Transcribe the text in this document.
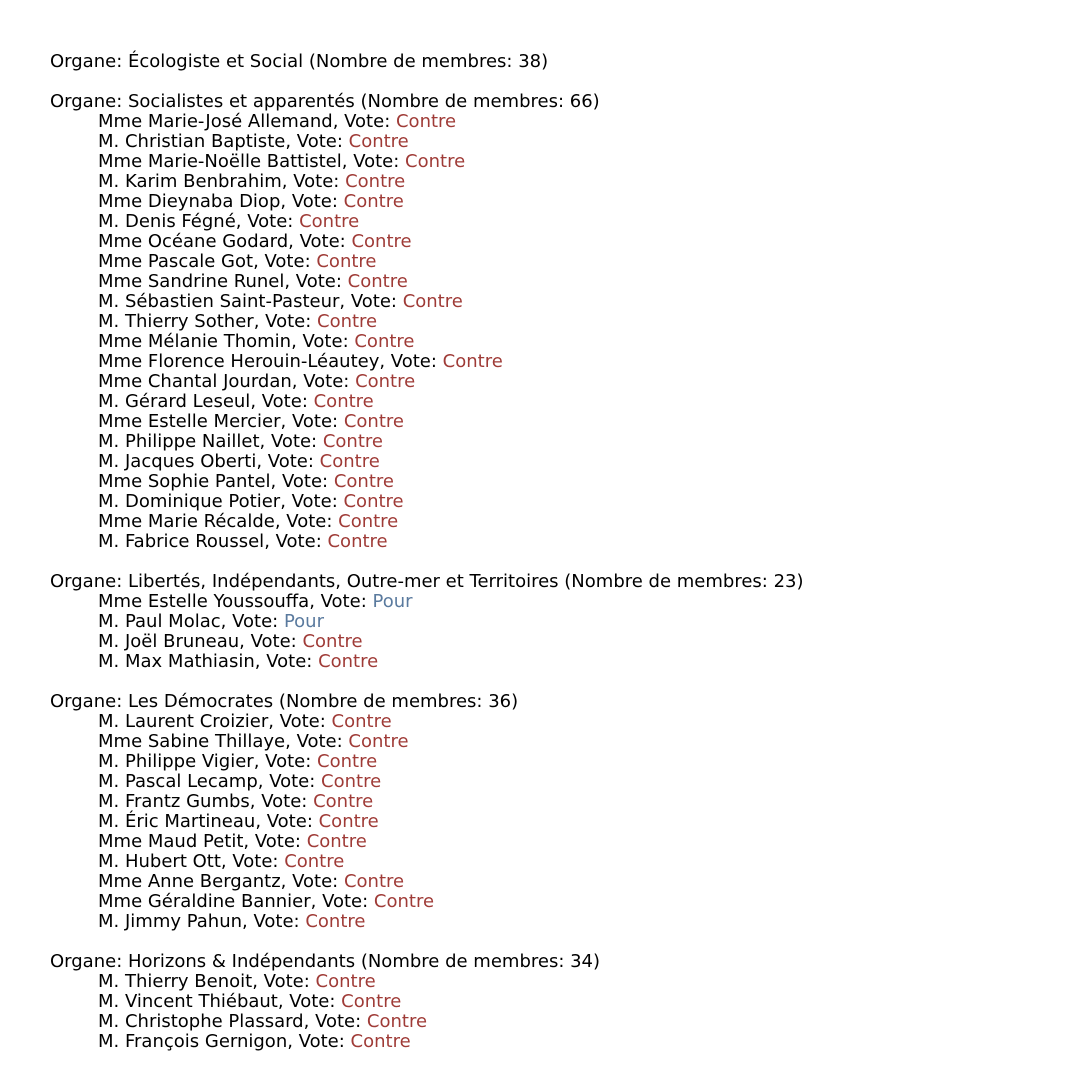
Organe: Écologiste et Social (Nombre de membres: 38)
Organe: Socialistes et apparentés (Nombre de membres: 66)
Mme Marie-José Allemand, Vote: Contre
M. Christian Baptiste, Vote: Contre
Mme Marie-Noëlle Battistel, Vote: Contre
M. Karim Benbrahim, Vote: Contre
Mme Dieynaba Diop, Vote: Contre
M. Denis Fégné, Vote: Contre
Mme Océane Godard, Vote: Contre
Mme Pascale Got, Vote: Contre
Mme Sandrine Runel, Vote: Contre
M. Sébastien Saint-Pasteur, Vote: Contre
M. Thierry Sother, Vote: Contre
Mme Mélanie Thomin, Vote: Contre
Mme Florence Herouin-Léautey, Vote: Contre
Mme Chantal Jourdan, Vote: Contre
M. Gérard Leseul, Vote: Contre
Mme Estelle Mercier, Vote: Contre
M. Philippe Naillet, Vote: Contre
M. Jacques Oberti, Vote: Contre
Mme Sophie Pantel, Vote: Contre
M. Dominique Potier, Vote: Contre
Mme Marie Récalde, Vote: Contre
M. Fabrice Roussel, Vote: Contre
Organe: Libertés, Indépendants, Outre-mer et Territoires (Nombre de membres: 23)
Mme Estelle Youssouffa, Vote: Pour
M. Paul Molac, Vote: Pour
M. Joël Bruneau, Vote: Contre
M. Max Mathiasin, Vote: Contre
Organe: Les Démocrates (Nombre de membres: 36)
M. Laurent Croizier, Vote: Contre
Mme Sabine Thillaye, Vote: Contre
M. Philippe Vigier, Vote: Contre
M. Pascal Lecamp, Vote: Contre
M. Frantz Gumbs, Vote: Contre
M. Éric Martineau, Vote: Contre
Mme Maud Petit, Vote: Contre
M. Hubert Ott, Vote: Contre
Mme Anne Bergantz, Vote: Contre
Mme Géraldine Bannier, Vote: Contre
M. Jimmy Pahun, Vote: Contre
Organe: Horizons & Indépendants (Nombre de membres: 34)
M. Thierry Benoit, Vote: Contre
M. Vincent Thiébaut, Vote: Contre
M. Christophe Plassard, Vote: Contre
M. François Gernigon, Vote: Contre
